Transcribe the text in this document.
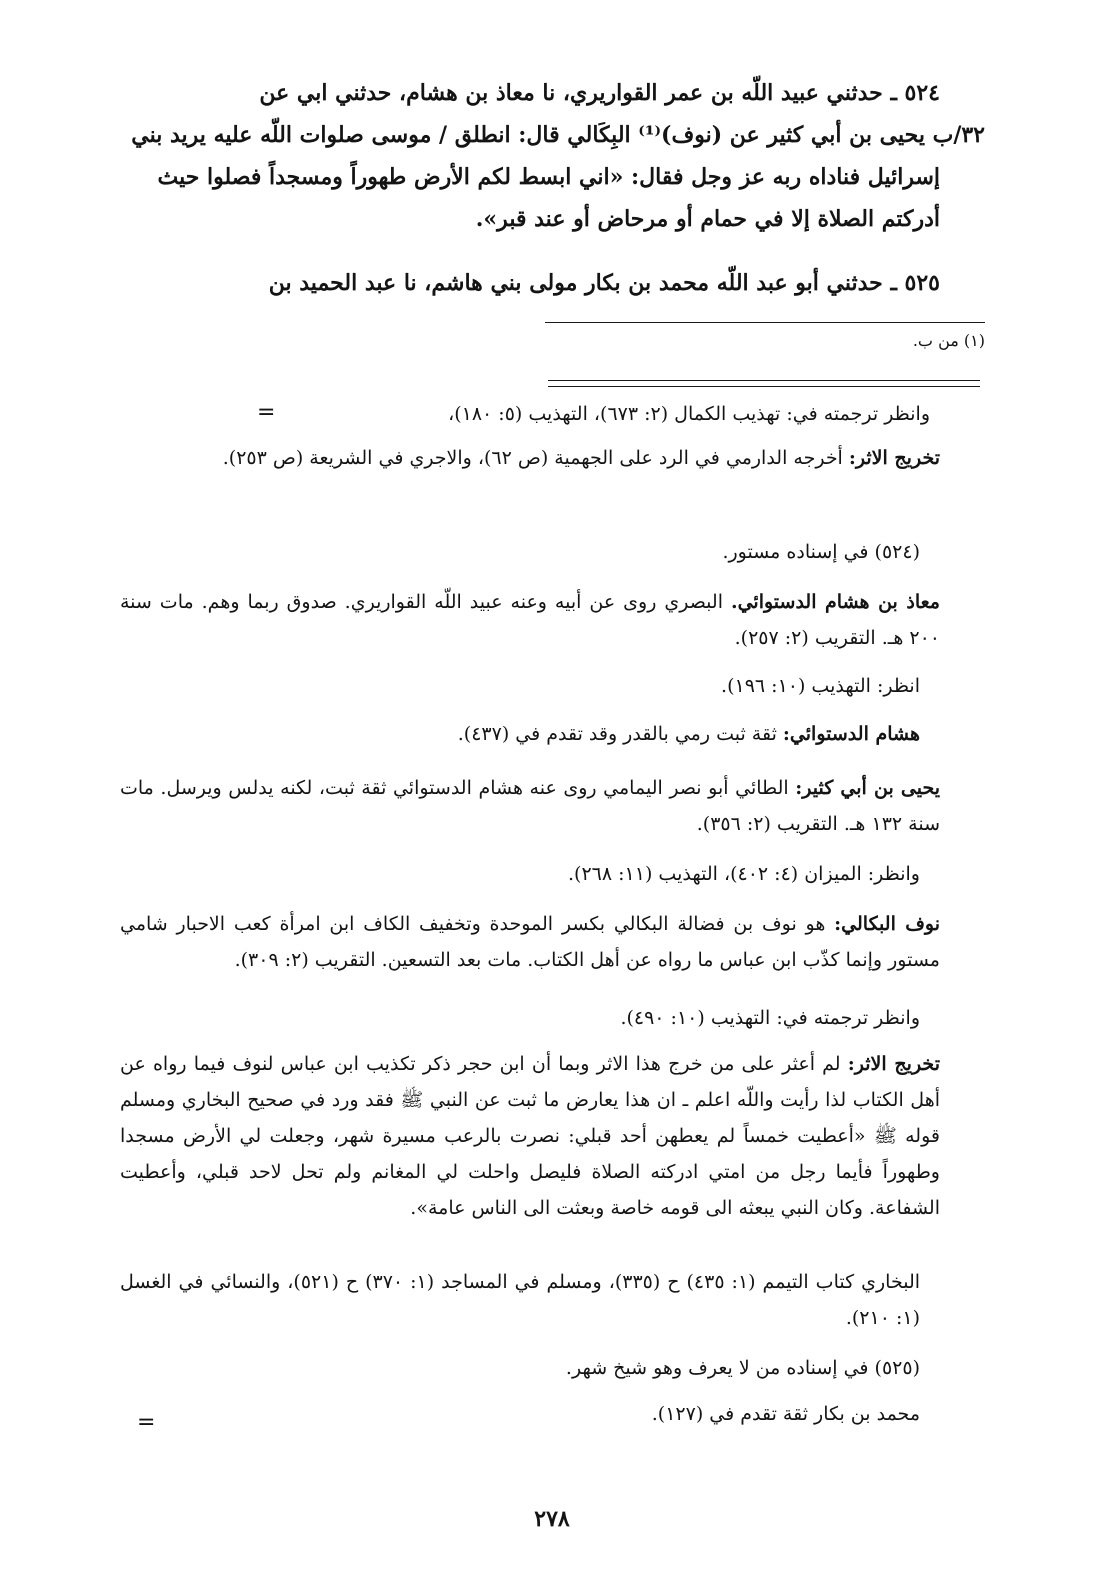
٥٢٤ ـ حدثني عبيد اللّه بن عمر القواريري، نا معاذ بن هشام، حدثني ابي عن
٣٢/ب يحيى بن أبي كثير عن (نوف)⁽¹⁾ البِكَالي قال: انطلق / موسى صلوات اللّه عليه يريد بني
إسرائيل فناداه ربه عز وجل فقال: «اني ابسط لكم الأرض طهوراً ومسجداً فصلوا حيث
أدركتم الصلاة إلا في حمام أو مرحاض أو عند قبر».
٥٢٥ ـ حدثني أبو عبد اللّه محمد بن بكار مولى بني هاشم، نا عبد الحميد بن
(١) من ب.
=	وانظر ترجمته في: تهذيب الكمال (٢: ٦٧٣)، التهذيب (٥: ١٨٠)،
تخريج الاثر: أخرجه الدارمي في الرد على الجهمية (ص ٦٢)، والاجري في الشريعة (ص ٢٥٣).
(٥٢٤) في إسناده مستور.
معاذ بن هشام الدستوائي. البصري روى عن أبيه وعنه عبيد اللّه القواريري. صدوق ربما وهم. مات سنة ٢٠٠ هـ. التقريب (٢: ٢٥٧).
انظر: التهذيب (١٠: ١٩٦).
هشام الدستوائي: ثقة ثبت رمي بالقدر وقد تقدم في (٤٣٧).
يحيى بن أبي كثير: الطائي أبو نصر اليمامي روى عنه هشام الدستوائي ثقة ثبت، لكنه يدلس ويرسل. مات سنة ١٣٢ هـ. التقريب (٢: ٣٥٦).
وانظر: الميزان (٤: ٤٠٢)، التهذيب (١١: ٢٦٨).
نوف البكالي: هو نوف بن فضالة البكالي بكسر الموحدة وتخفيف الكاف ابن امرأة كعب الاحبار شامي مستور وإنما كذّب ابن عباس ما رواه عن أهل الكتاب. مات بعد التسعين. التقريب (٢: ٣٠٩).
وانظر ترجمته في: التهذيب (١٠: ٤٩٠).
تخريج الاثر: لم أعثر على من خرج هذا الاثر وبما أن ابن حجر ذكر تكذيب ابن عباس لنوف فيما رواه عن أهل الكتاب لذا رأيت واللّه اعلم ـ ان هذا يعارض ما ثبت عن النبي ﷺ فقد ورد في صحيح البخاري ومسلم قوله ﷺ «أعطيت خمساً لم يعطهن أحد قبلي: نصرت بالرعب مسيرة شهر، وجعلت لي الأرض مسجدا وطهوراً فأيما رجل من امتي ادركته الصلاة فليصل واحلت لي المغانم ولم تحل لاحد قبلي، وأعطيت الشفاعة. وكان النبي يبعثه الى قومه خاصة وبعثت الى الناس عامة».
البخاري كتاب التيمم (١: ٤٣٥) ح (٣٣٥)، ومسلم في المساجد (١: ٣٧٠) ح (٥٢١)، والنسائي في الغسل (١: ٢١٠).
(٥٢٥) في إسناده من لا يعرف وهو شيخ شهر.
محمد بن بكار ثقة تقدم في (١٢٧).
=
٢٧٨
